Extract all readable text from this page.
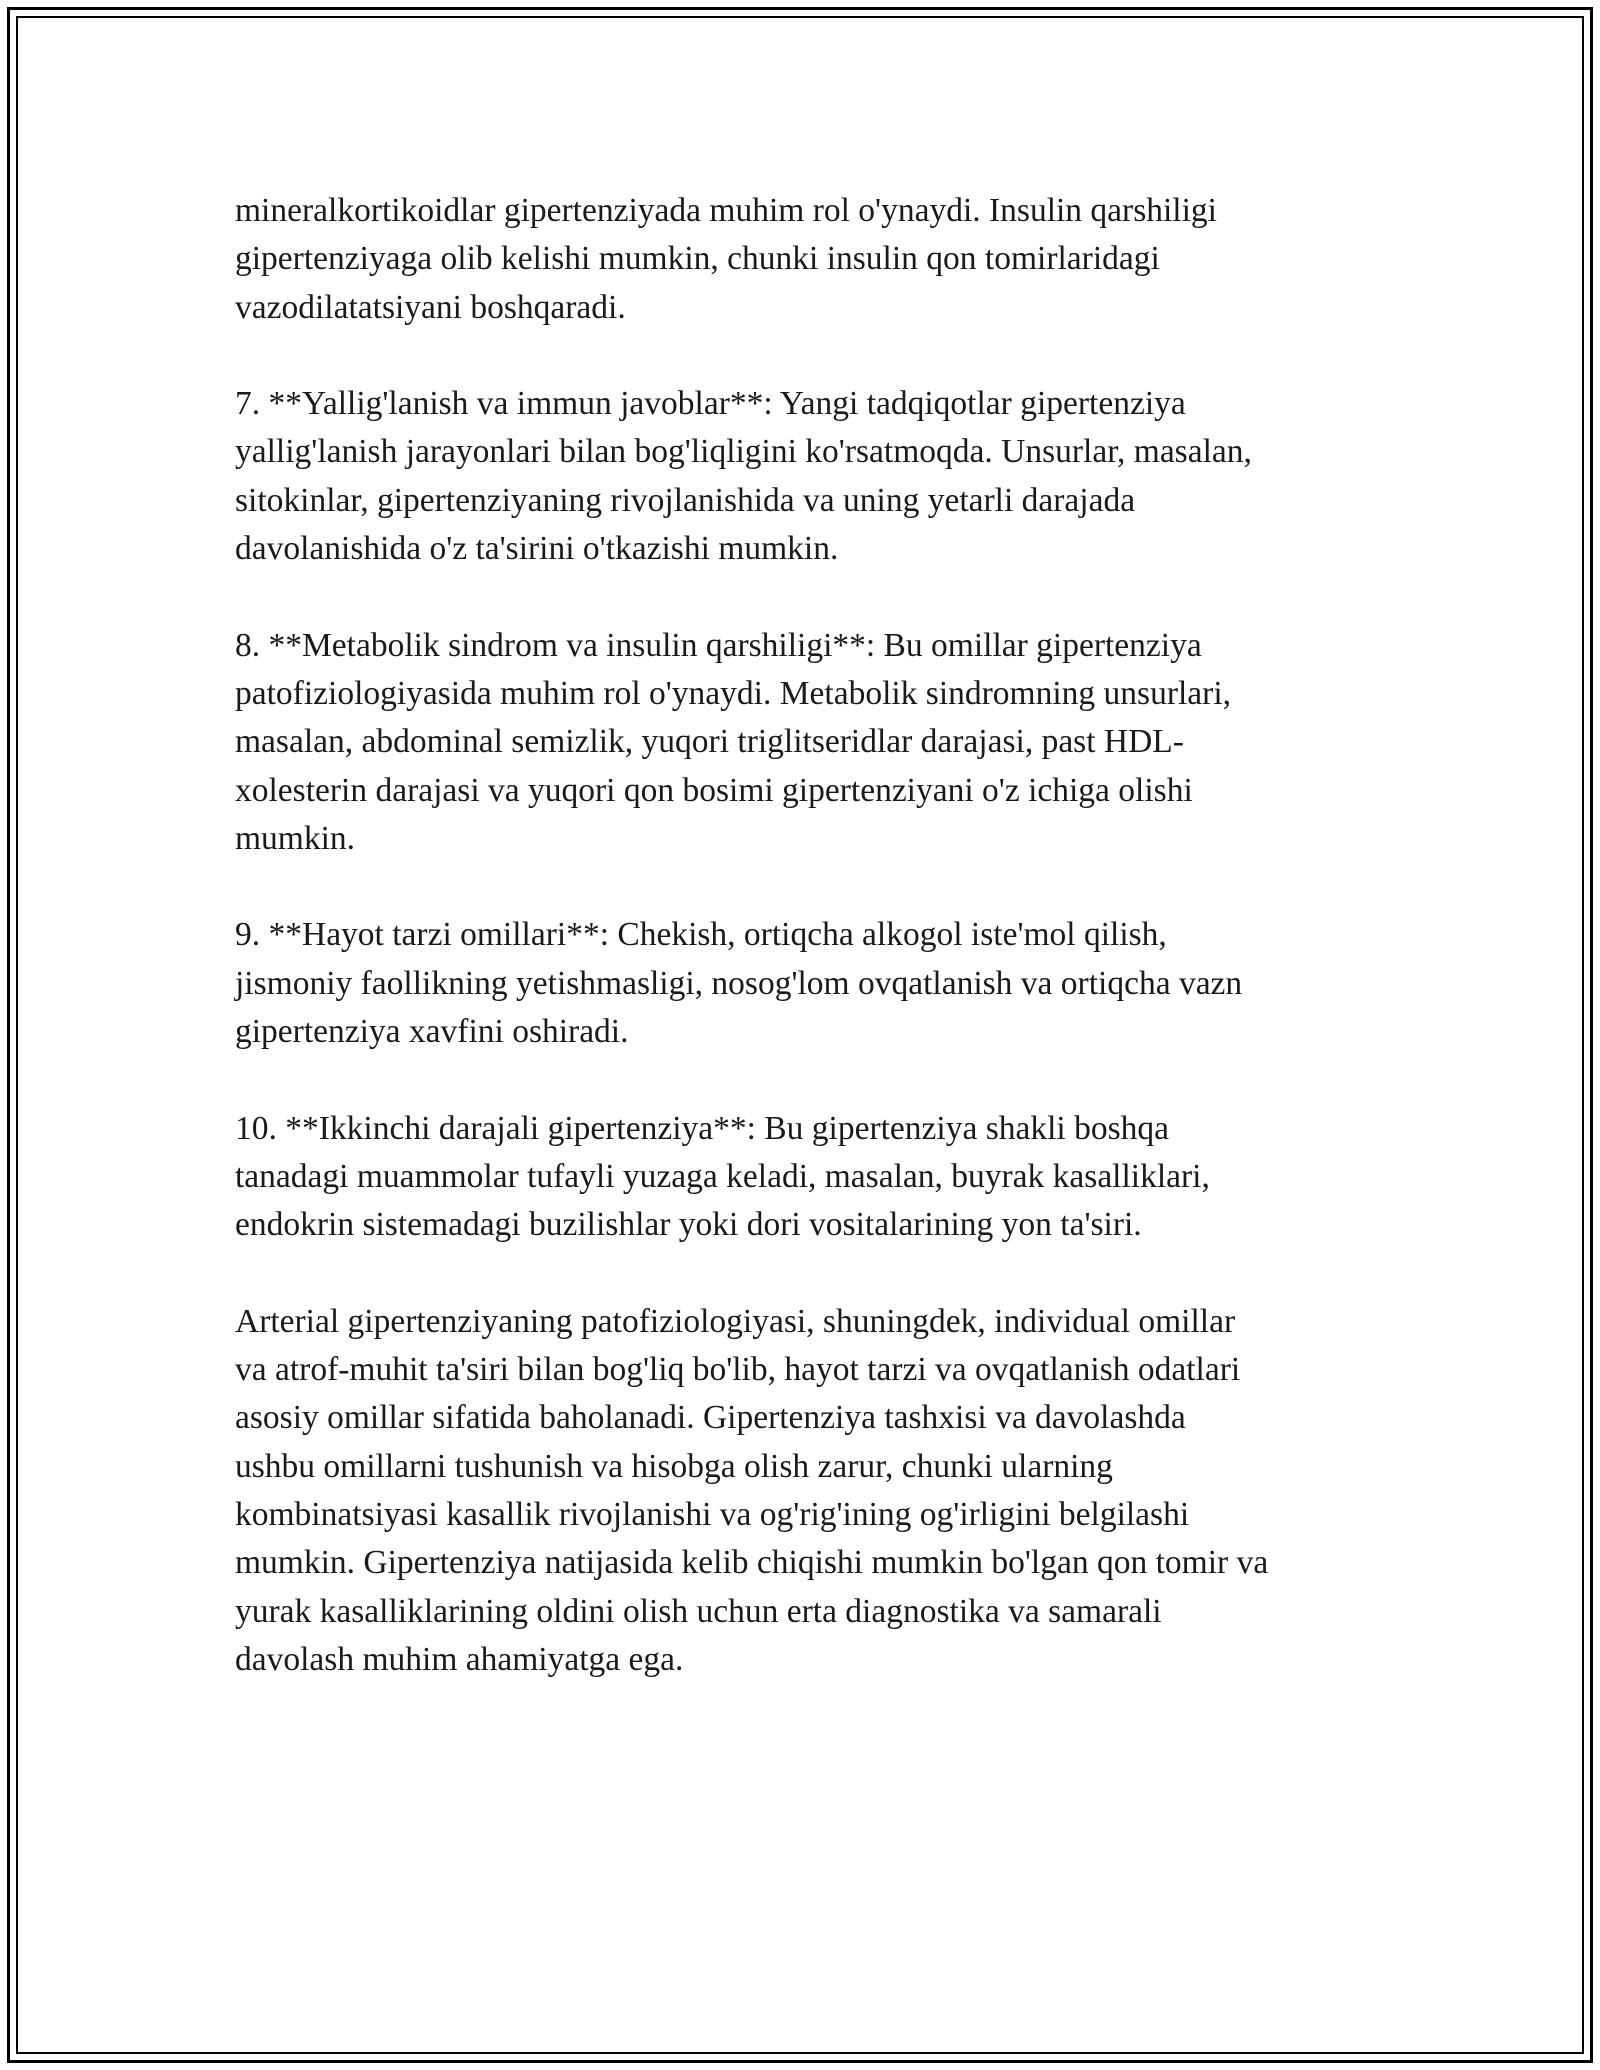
mineralkortikoidlar gipertenziyada muhim rol o'ynaydi. Insulin qarshiligi
gipertenziyaga olib kelishi mumkin, chunki insulin qon tomirlaridagi
vazodilatatsiyani boshqaradi.

7. **Yallig'lanish va immun javoblar**: Yangi tadqiqotlar gipertenziya
yallig'lanish jarayonlari bilan bog'liqligini ko'rsatmoqda. Unsurlar, masalan,
sitokinlar, gipertenziyaning rivojlanishida va uning yetarli darajada
davolanishida o'z ta'sirini o'tkazishi mumkin.

8. **Metabolik sindrom va insulin qarshiligi**: Bu omillar gipertenziya
patofiziologiyasida muhim rol o'ynaydi. Metabolik sindromning unsurlari,
masalan, abdominal semizlik, yuqori triglitseridlar darajasi, past HDL-
xolesterin darajasi va yuqori qon bosimi gipertenziyani o'z ichiga olishi
mumkin.

9. **Hayot tarzi omillari**: Chekish, ortiqcha alkogol iste'mol qilish,
jismoniy faollikning yetishmasligi, nosog'lom ovqatlanish va ortiqcha vazn
gipertenziya xavfini oshiradi.

10. **Ikkinchi darajali gipertenziya**: Bu gipertenziya shakli boshqa
tanadagi muammolar tufayli yuzaga keladi, masalan, buyrak kasalliklari,
endokrin sistemadagi buzilishlar yoki dori vositalarining yon ta'siri.

Arterial gipertenziyaning patofiziologiyasi, shuningdek, individual omillar
va atrof-muhit ta'siri bilan bog'liq bo'lib, hayot tarzi va ovqatlanish odatlari
asosiy omillar sifatida baholanadi. Gipertenziya tashxisi va davolashda
ushbu omillarni tushunish va hisobga olish zarur, chunki ularning
kombinatsiyasi kasallik rivojlanishi va og'rig'ining og'irligini belgilashi
mumkin. Gipertenziya natijasida kelib chiqishi mumkin bo'lgan qon tomir va
yurak kasalliklarining oldini olish uchun erta diagnostika va samarali
davolash muhim ahamiyatga ega.
